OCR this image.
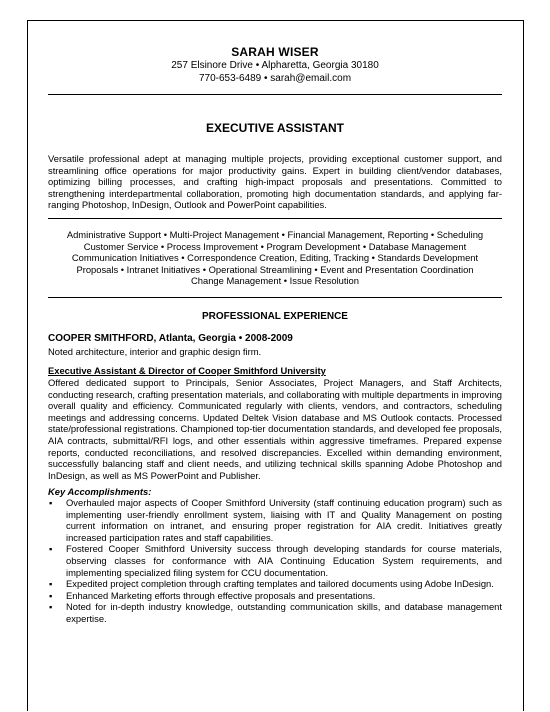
SARAH WISER
257 Elsinore Drive • Alpharetta, Georgia 30180
770-653-6489 • sarah@email.com
EXECUTIVE ASSISTANT
Versatile professional adept at managing multiple projects, providing exceptional customer support, and streamlining office operations for major productivity gains. Expert in building client/vendor databases, optimizing billing processes, and crafting high-impact proposals and presentations. Committed to strengthening interdepartmental collaboration, promoting high documentation standards, and applying far-ranging Photoshop, InDesign, Outlook and PowerPoint capabilities.
Administrative Support • Multi-Project Management • Financial Management, Reporting • Scheduling
Customer Service • Process Improvement • Program Development • Database Management
Communication Initiatives • Correspondence Creation, Editing, Tracking • Standards Development
Proposals • Intranet Initiatives • Operational Streamlining • Event and Presentation Coordination
Change Management • Issue Resolution
PROFESSIONAL EXPERIENCE
COOPER SMITHFORD, Atlanta, Georgia • 2008-2009
Noted architecture, interior and graphic design firm.
Executive Assistant & Director of Cooper Smithford University
Offered dedicated support to Principals, Senior Associates, Project Managers, and Staff Architects, conducting research, crafting presentation materials, and collaborating with multiple departments in improving overall quality and efficiency. Communicated regularly with clients, vendors, and contractors, scheduling meetings and addressing concerns. Updated Deltek Vision database and MS Outlook contacts. Processed state/professional registrations. Championed top-tier documentation standards, and developed fee proposals, AIA contracts, submittal/RFI logs, and other essentials within aggressive timeframes. Prepared expense reports, conducted reconciliations, and resolved discrepancies. Excelled within demanding environment, successfully balancing staff and client needs, and utilizing technical skills spanning Adobe Photoshop and InDesign, as well as MS PowerPoint and Publisher.
Key Accomplishments:
▪ Overhauled major aspects of Cooper Smithford University (staff continuing education program) such as implementing user-friendly enrollment system, liaising with IT and Quality Management on posting current information on intranet, and ensuring proper registration for AIA credit. Initiatives greatly increased participation rates and staff capabilities.
▪ Fostered Cooper Smithford University success through developing standards for course materials, observing classes for conformance with AIA Continuing Education System requirements, and implementing specialized filing system for CCU documentation.
▪ Expedited project completion through crafting templates and tailored documents using Adobe InDesign.
▪ Enhanced Marketing efforts through effective proposals and presentations.
▪ Noted for in-depth industry knowledge, outstanding communication skills, and database management expertise.
